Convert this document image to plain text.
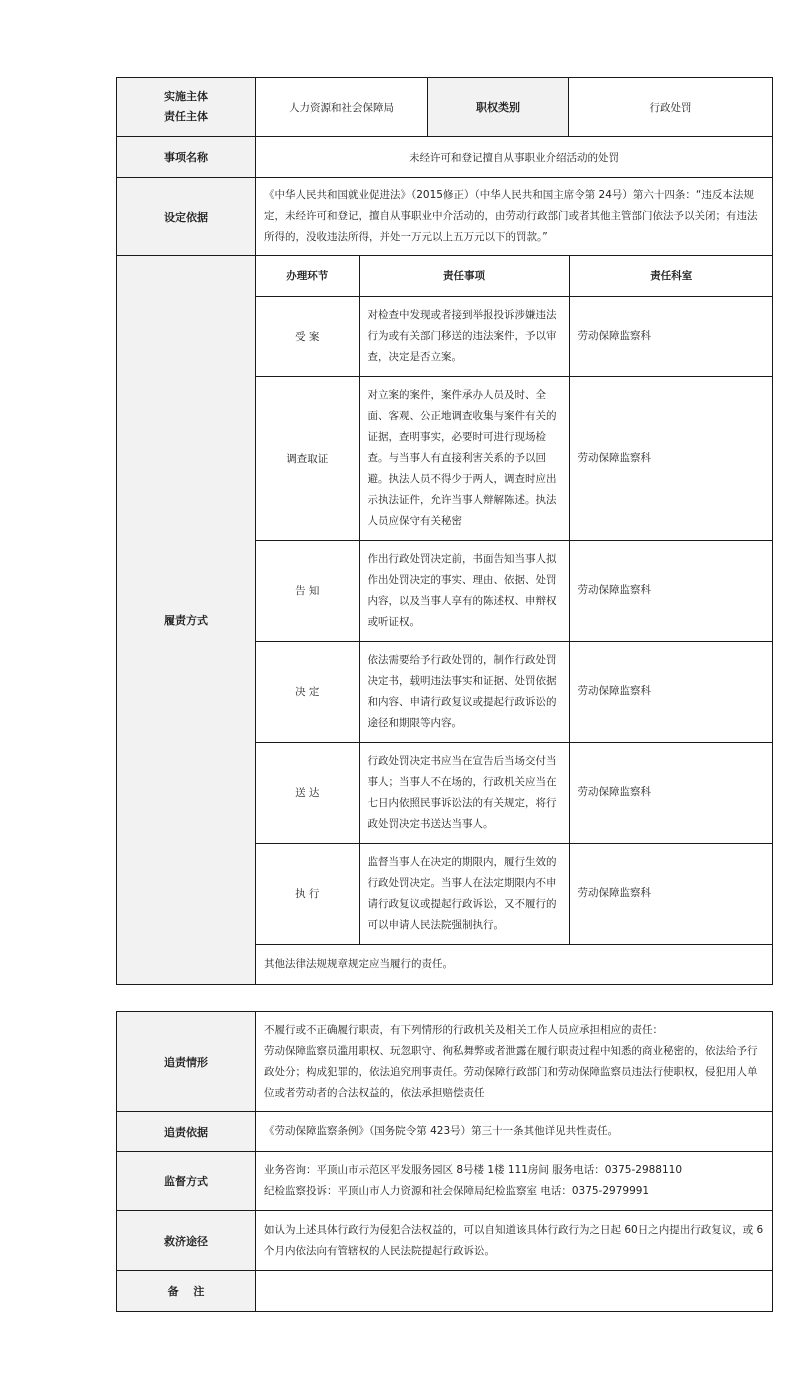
实施主体
责任主体
	人力资源和社会保障局	职权类别	行政处罚
事项名称	未经许可和登记擅自从事职业介绍活动的处罚
设定依据	《中华人民共和国就业促进法》（2015修正）（中华人民共和国主席令第 24号）第六十四条：“违反本法规定，未经许可和登记，擅自从事职业中介活动的，由劳动行政部门或者其他主管部门依法予以关闭；有违法所得的，没收违法所得，并处一万元以上五万元以下的罚款。”
履责方式	
办理环节	责任事项	责任科室
受 案	对检查中发现或者接到举报投诉涉嫌违法行为或有关部门移送的违法案件，予以审查，决定是否立案。	劳动保障监察科
调查取证	对立案的案件，案件承办人员及时、全面、客观、公正地调查收集与案件有关的证据，查明事实，必要时可进行现场检查。与当事人有直接利害关系的予以回避。执法人员不得少于两人，调查时应出示执法证件，允许当事人辩解陈述。执法人员应保守有关秘密	劳动保障监察科
告 知	作出行政处罚决定前，书面告知当事人拟作出处罚决定的事实、理由、依据、处罚内容，以及当事人享有的陈述权、申辩权或听证权。	劳动保障监察科
决 定	依法需要给予行政处罚的，制作行政处罚决定书，载明违法事实和证据、处罚依据和内容、申请行政复议或提起行政诉讼的途径和期限等内容。	劳动保障监察科
送 达	行政处罚决定书应当在宣告后当场交付当事人；当事人不在场的，行政机关应当在七日内依照民事诉讼法的有关规定，将行政处罚决定书送达当事人。	劳动保障监察科
执 行	监督当事人在决定的期限内，履行生效的行政处罚决定。当事人在法定期限内不申请行政复议或提起行政诉讼，又不履行的可以申请人民法院强制执行。	劳动保障监察科
其他法律法规规章规定应当履行的责任。
追责情形	不履行或不正确履行职责，有下列情形的行政机关及相关工作人员应承担相应的责任：
劳动保障监察员滥用职权、玩忽职守、徇私舞弊或者泄露在履行职责过程中知悉的商业秘密的，依法给予行政处分；构成犯罪的，依法追究刑事责任。劳动保障行政部门和劳动保障监察员违法行使职权，侵犯用人单位或者劳动者的合法权益的，依法承担赔偿责任

追责依据	《劳动保障监察条例》（国务院令第 423号）第三十一条其他详见共性责任。
监督方式	业务咨询：平顶山市示范区平发服务园区 8号楼 1楼 111房间 服务电话：0375-2988110
纪检监察投诉：平顶山市人力资源和社会保障局纪检监察室 电话：0375-2979991

救济途径	如认为上述具体行政行为侵犯合法权益的，可以自知道该具体行政行为之日起 60日之内提出行政复议，或 6个月内依法向有管辖权的人民法院提起行政诉讼。
备　 注	
